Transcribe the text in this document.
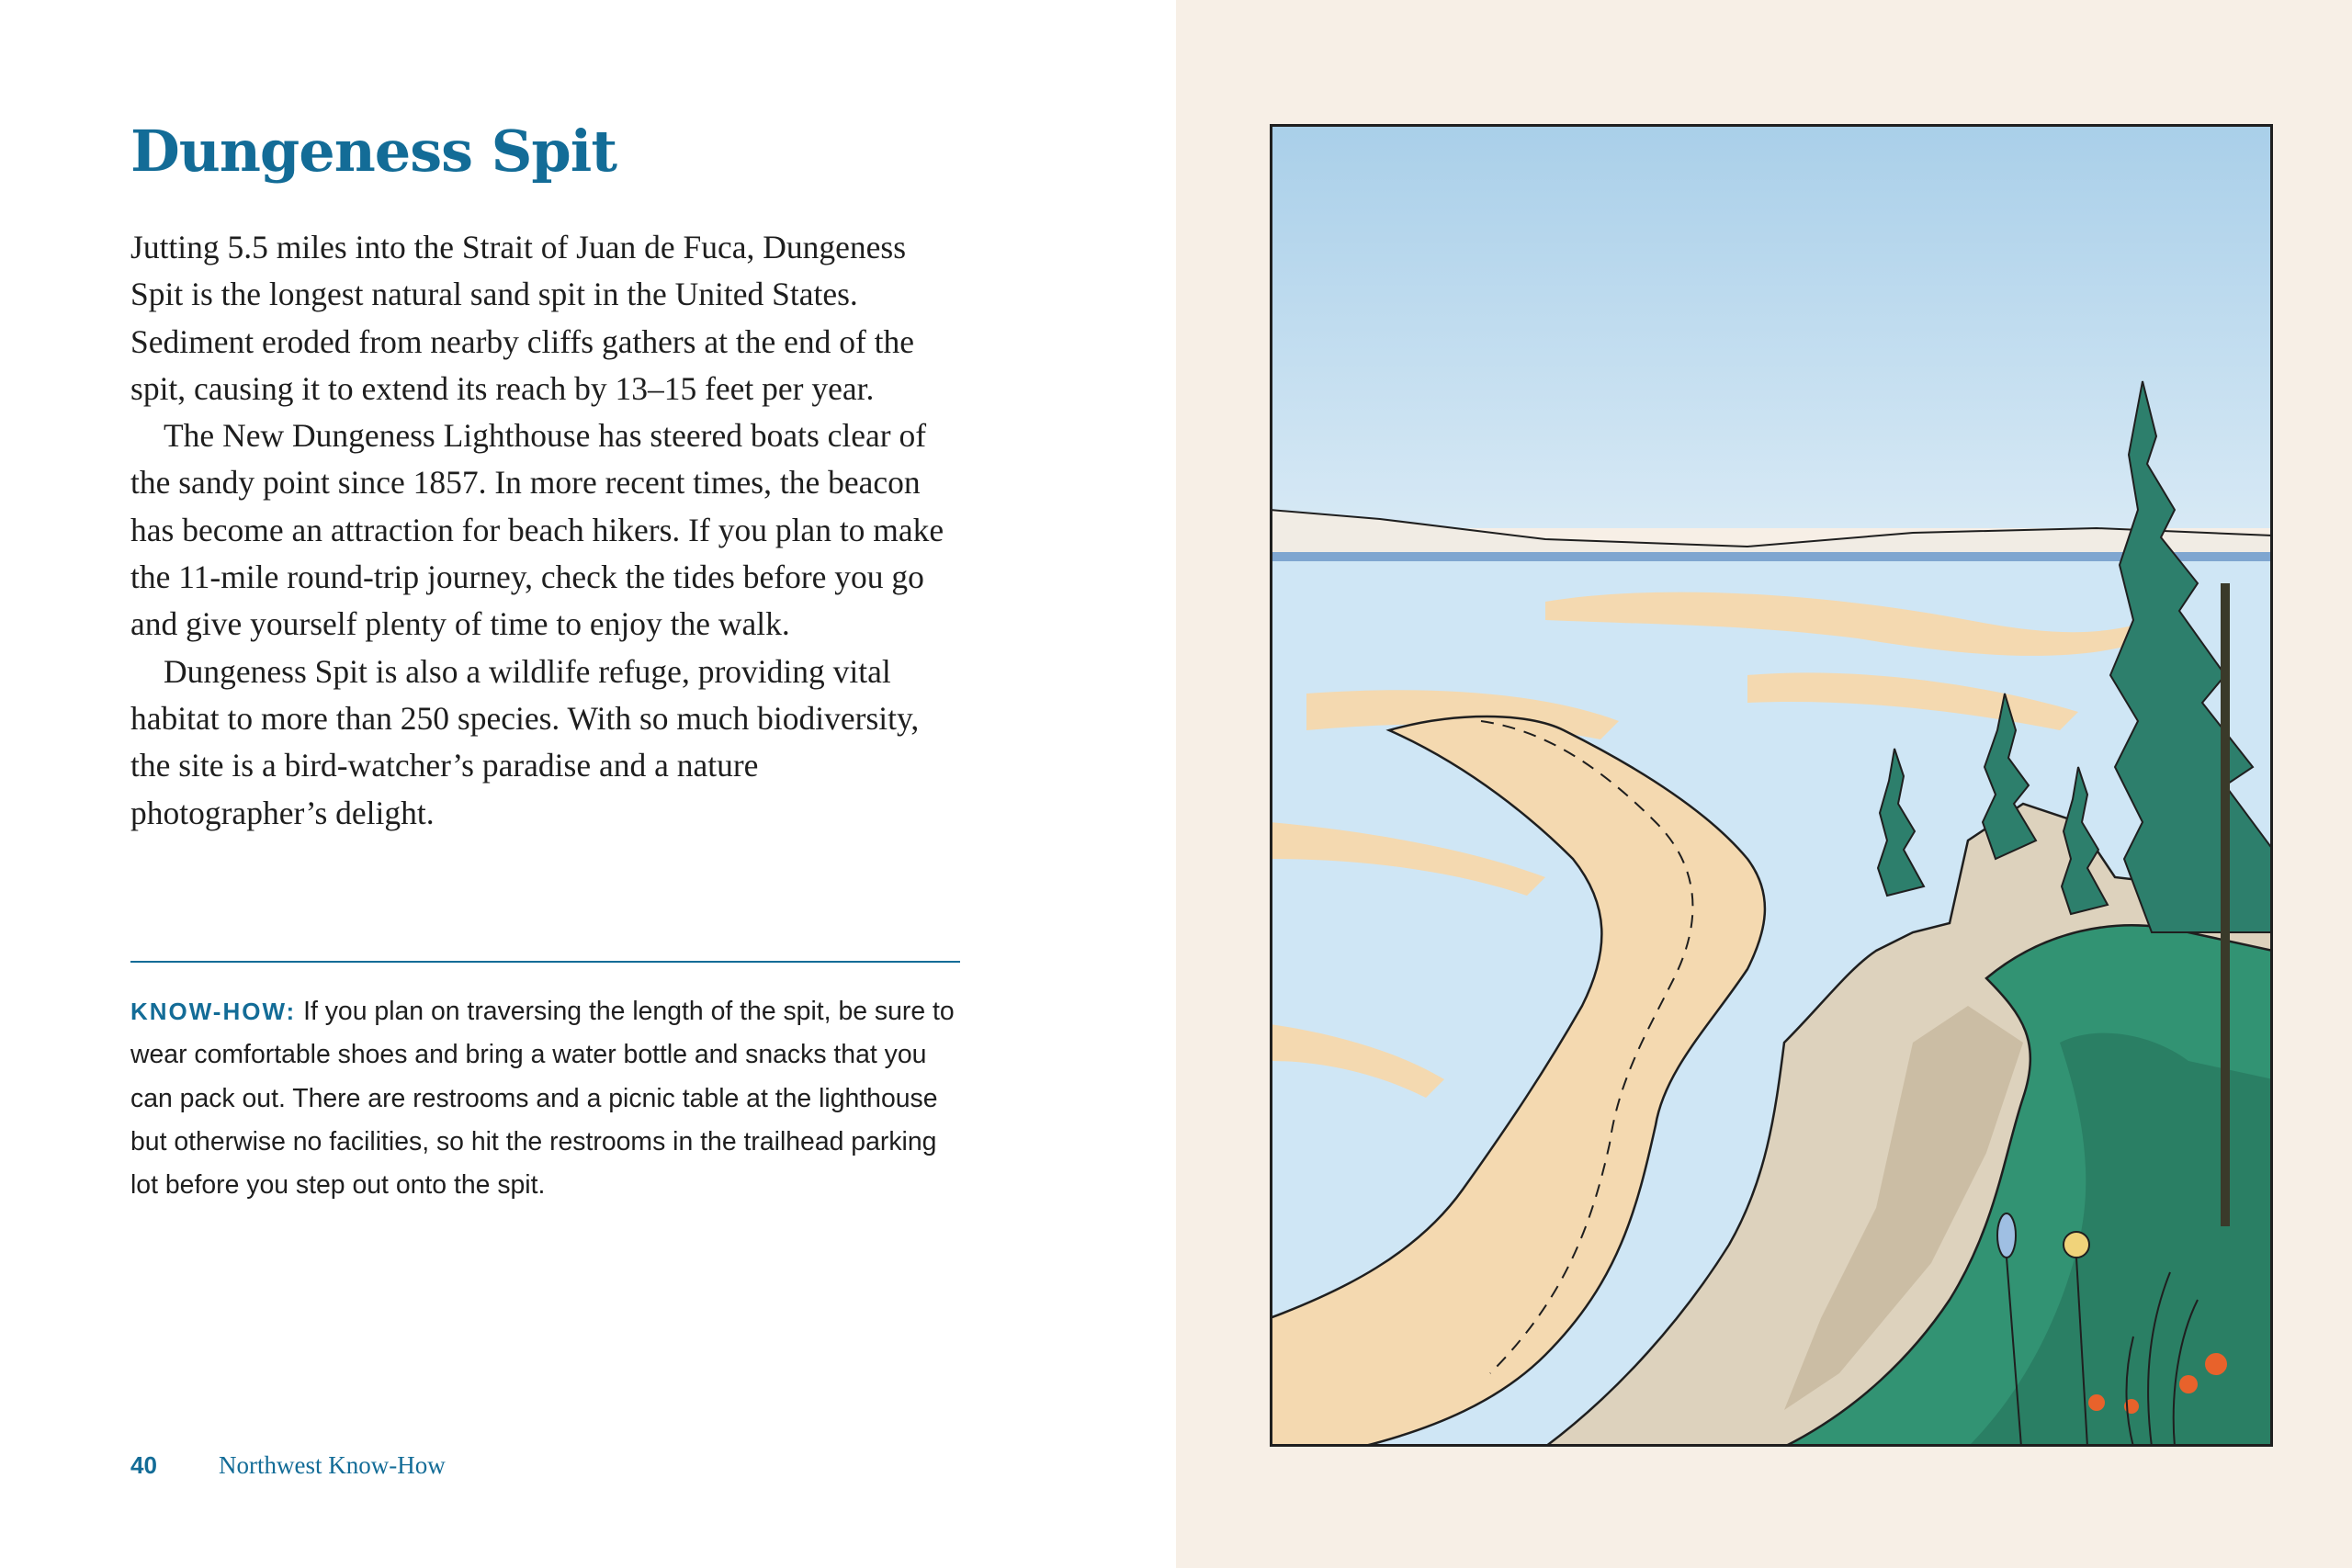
Dungeness Spit

Jutting 5.5 miles into the Strait of Juan de Fuca, Dungeness Spit is the longest natural sand spit in the United States. Sediment eroded from nearby cliffs gathers at the end of the spit, causing it to extend its reach by 13–15 feet per year.

The New Dungeness Lighthouse has steered boats clear of the sandy point since 1857. In more recent times, the beacon has become an attraction for beach hikers. If you plan to make the 11-mile round-trip journey, check the tides before you go and give yourself plenty of time to enjoy the walk.

Dungeness Spit is also a wildlife refuge, providing vital habitat to more than 250 species. With so much biodiversity, the site is a bird-watcher’s paradise and a nature photographer’s delight.

KNOW-HOW: If you plan on traversing the length of the spit, be sure to wear comfortable shoes and bring a water bottle and snacks that you can pack out. There are restrooms and a picnic table at the lighthouse but otherwise no facilities, so hit the restrooms in the trailhead parking lot before you step out onto the spit.
40 Northwest Know-How
